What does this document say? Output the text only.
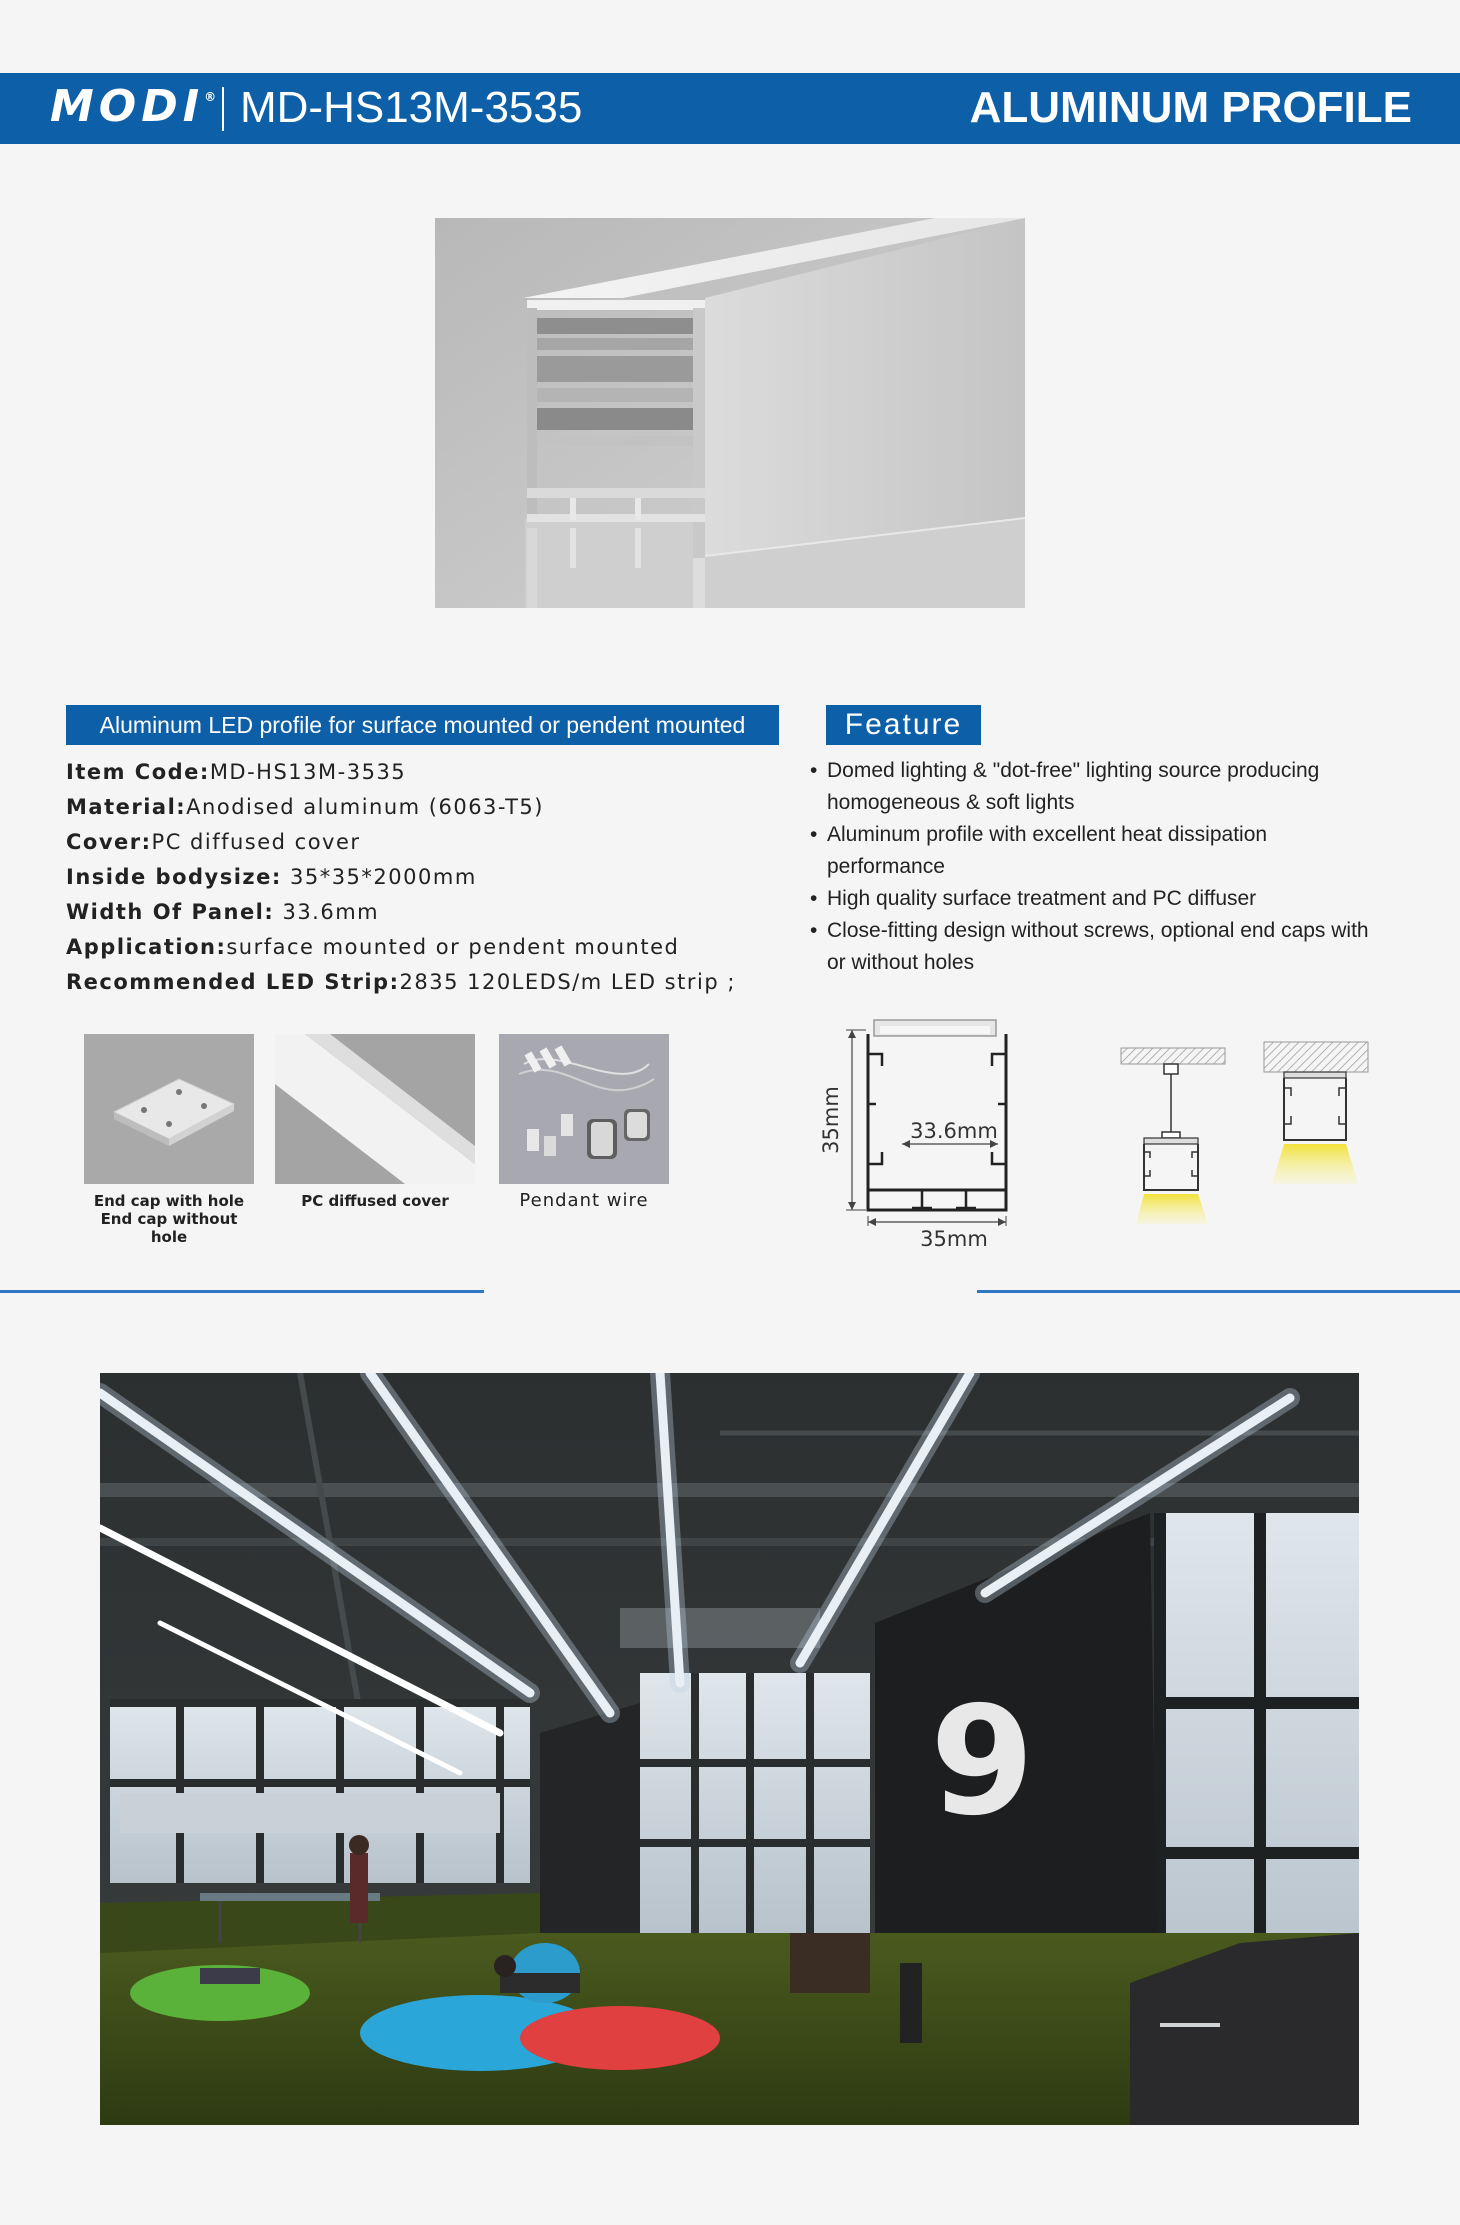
MODI® MD-HS13M-3535	ALUMINUM PROFILE
Aluminum LED profile for surface mounted or pendent mounted	Feature
Item Code:MD-HS13M-3535
Material:Anodised aluminum (6063-T5)
Cover:PC diffused cover
Inside bodysize: 35*35*2000mm
Width Of Panel: 33.6mm
Application:surface mounted or pendent mounted
Recommended LED Strip:2835 120LEDS/m LED strip ;

• Domed lighting & "dot-free" lighting source producing homogeneous & soft lights

• Aluminum profile with excellent heat dissipation performance

• High quality surface treatment and PC diffuser

• Close-fitting design without screws, optional end caps with or without holes

End cap with hole
End cap without hole
PC diffused cover	Pendant wire
33.6mm
35mm
35mm
9
